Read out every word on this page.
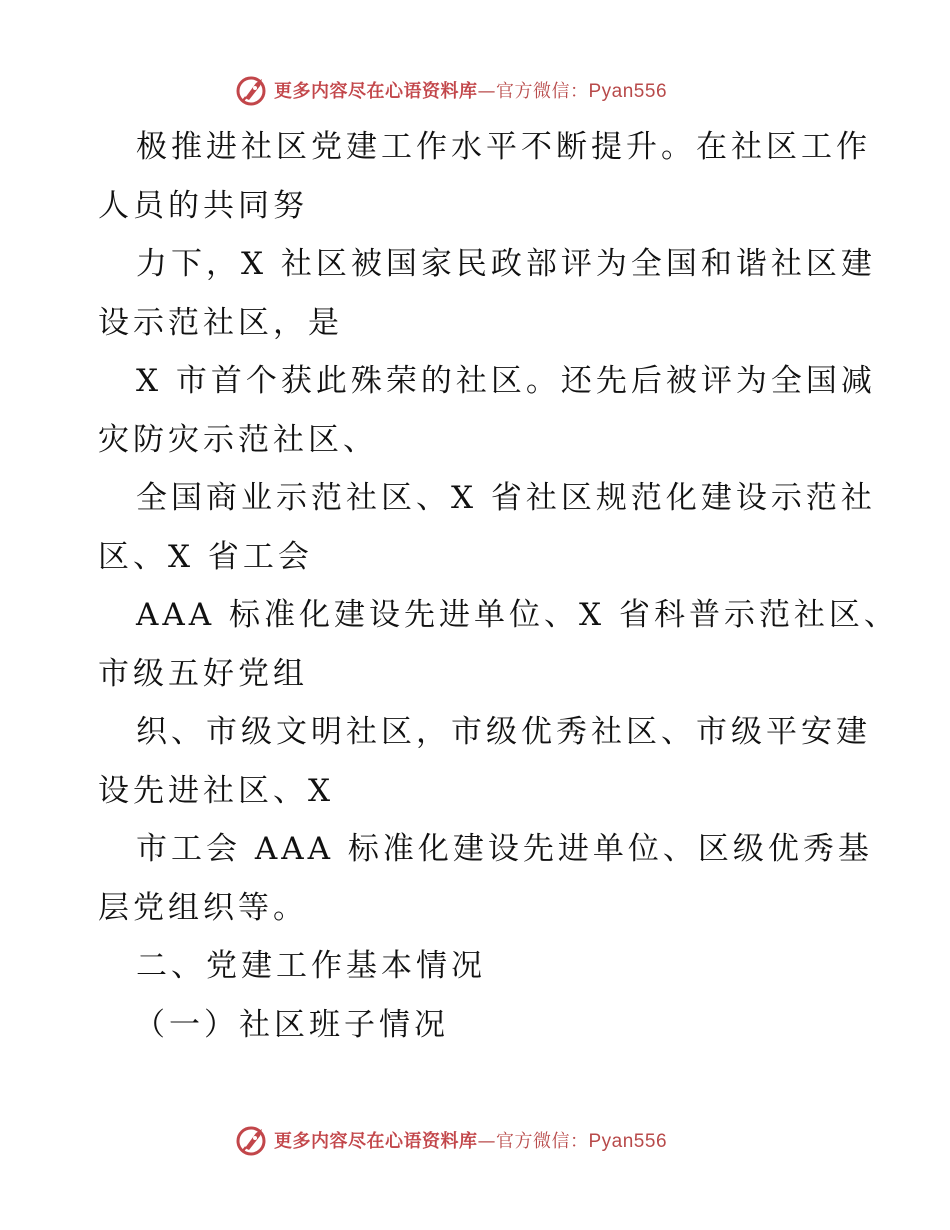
更多内容尽在心语资料库—官方微信：Pyan556
极推进社区党建工作水平不断提升。在社区工作
人员的共同努
力下，X 社区被国家民政部评为全国和谐社区建
设示范社区，是
X 市首个获此殊荣的社区。还先后被评为全国减
灾防灾示范社区、
全国商业示范社区、X 省社区规范化建设示范社
区、X 省工会
AAA 标准化建设先进单位、X 省科普示范社区、
市级五好党组
织、市级文明社区，市级优秀社区、市级平安建
设先进社区、X
市工会 AAA 标准化建设先进单位、区级优秀基
层党组织等。
二、党建工作基本情况
（一）社区班子情况
更多内容尽在心语资料库—官方微信：Pyan556
